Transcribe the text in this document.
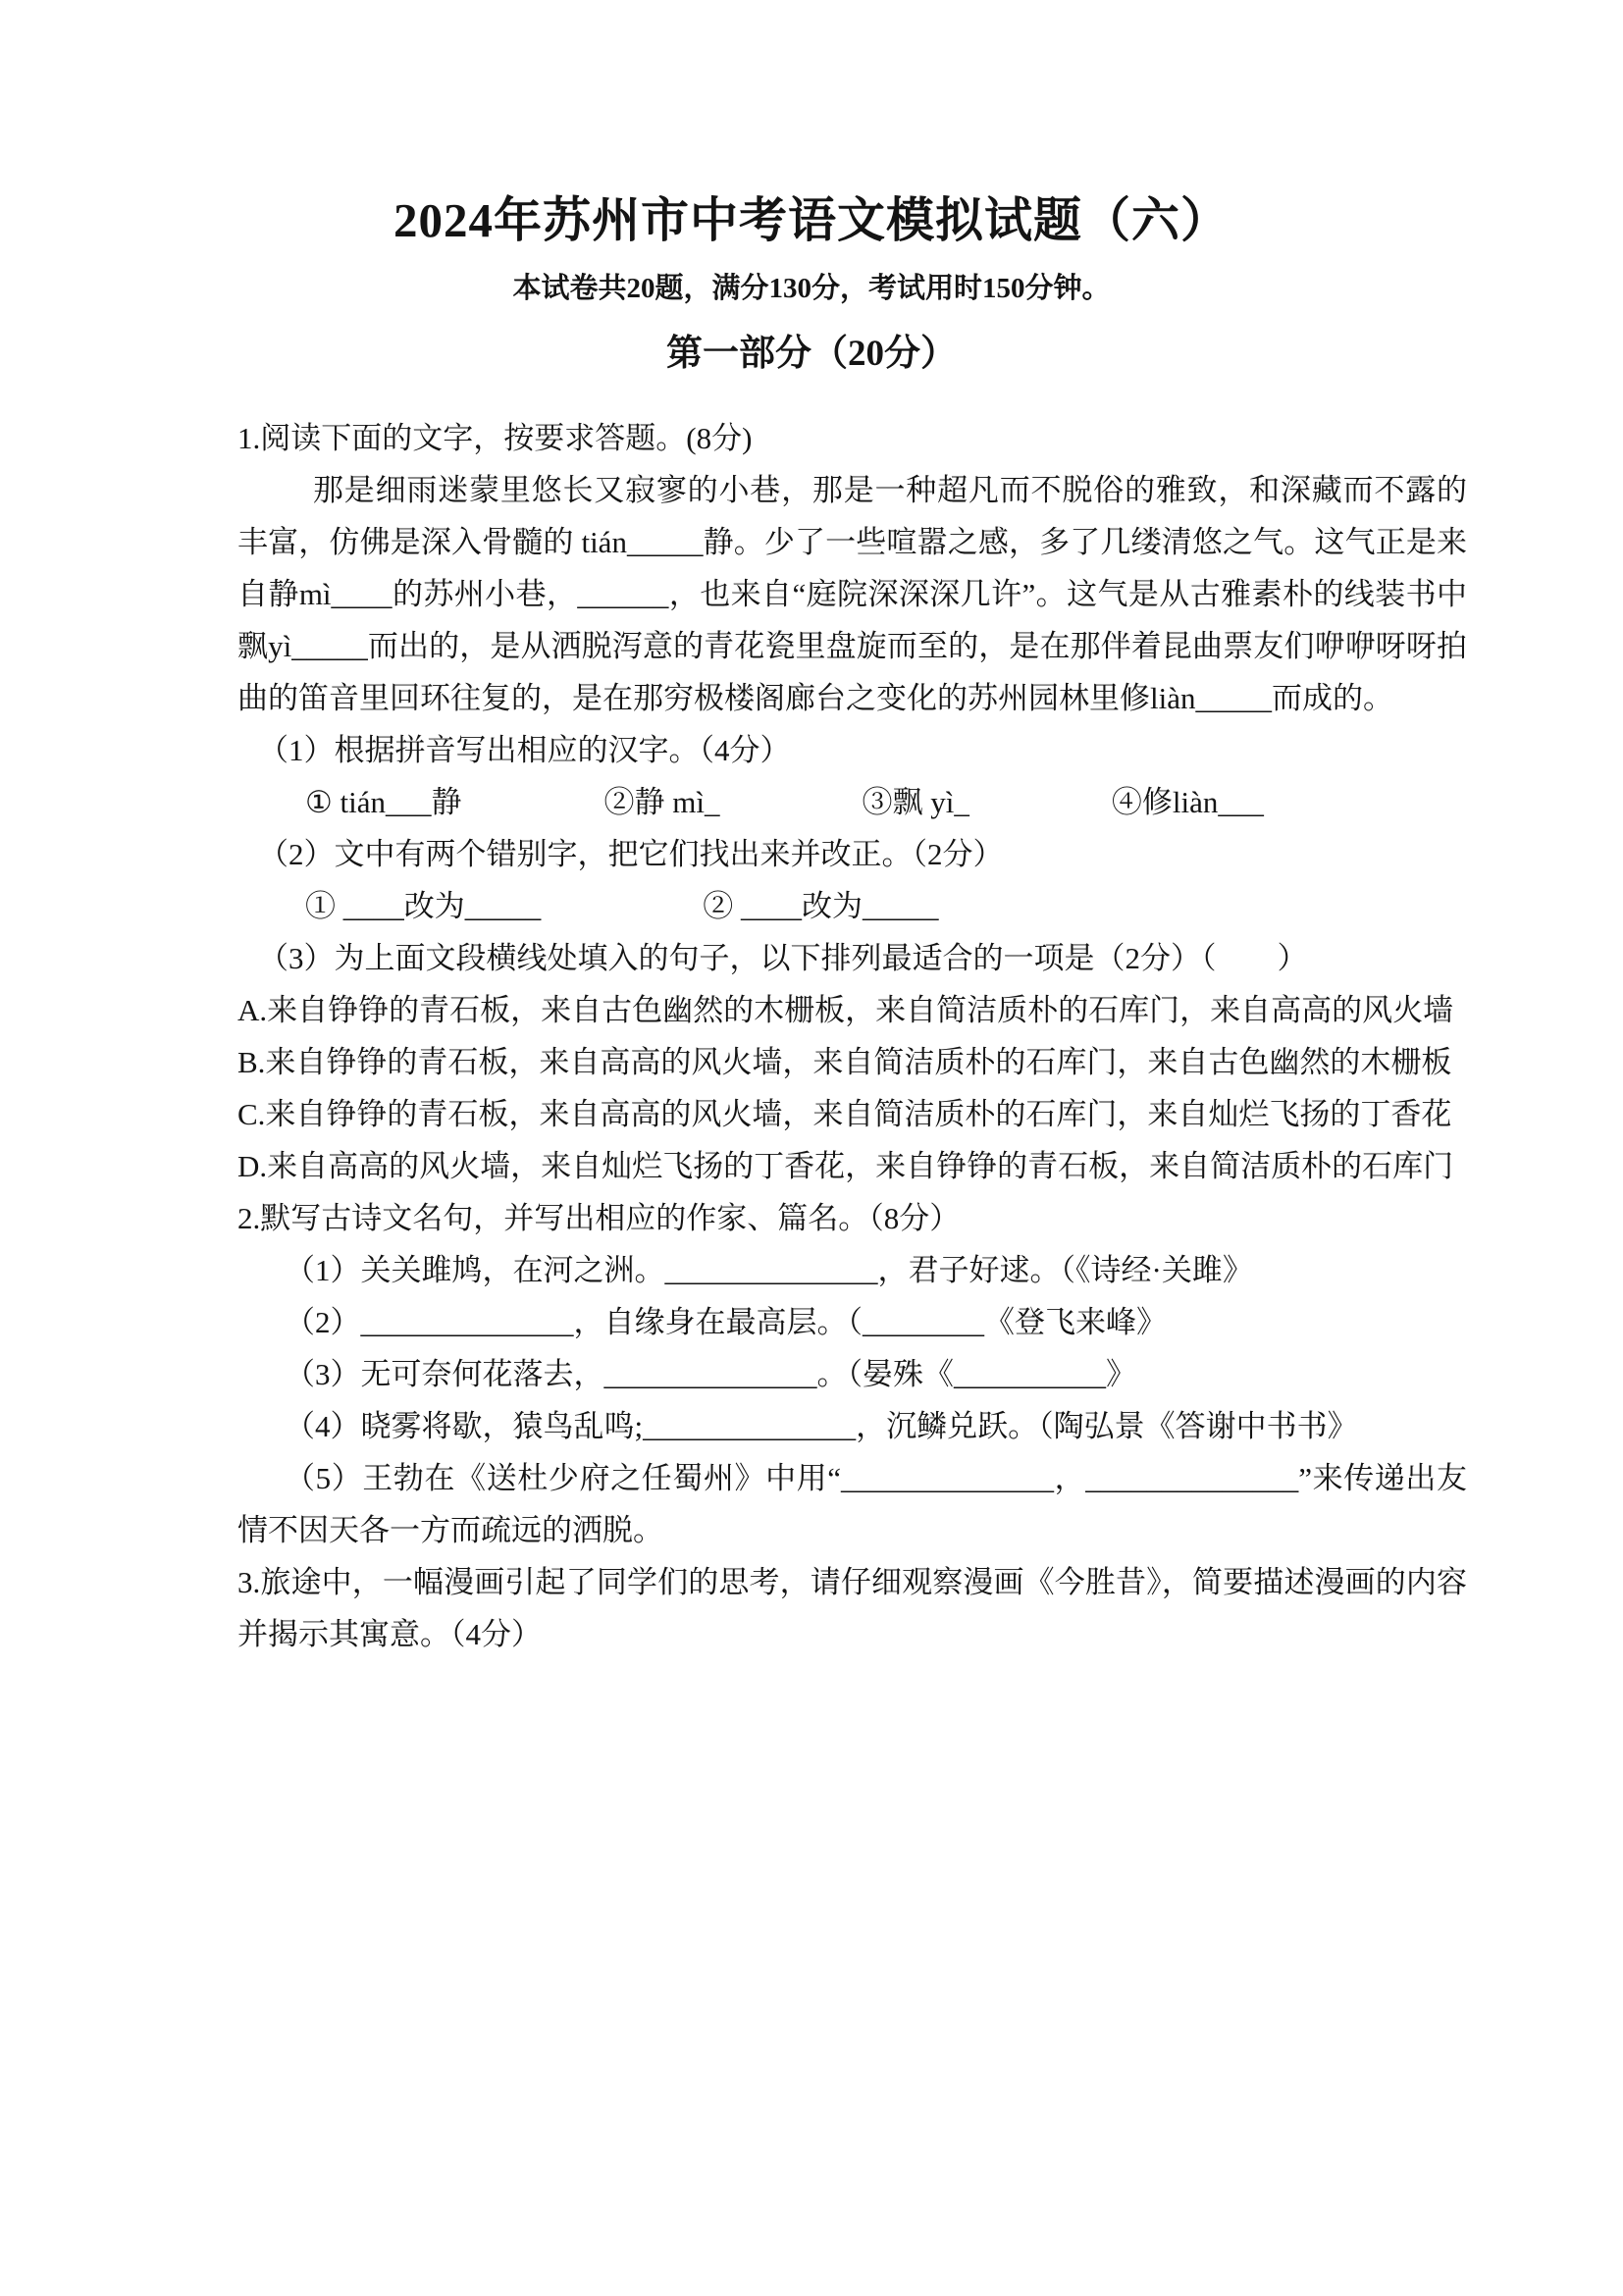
2024年苏州市中考语文模拟试题（六）
本试卷共20题，满分130分，考试用时150分钟。
第一部分（20分）
1.阅读下面的文字，按要求答题。(8分)
那是细雨迷蒙里悠长又寂寥的小巷，那是一种超凡而不脱俗的雅致，和深藏而不露的丰富，仿佛是深入骨髓的 tián_____静。少了一些喧嚣之感，多了几缕清悠之气。这气正是来自静mì____的苏州小巷，______，也来自“庭院深深深几许”。这气是从古雅素朴的线装书中飘yì_____而出的，是从洒脱泻意的青花瓷里盘旋而至的，是在那伴着昆曲票友们咿咿呀呀拍曲的笛音里回环往复的，是在那穷极楼阁廊台之变化的苏州园林里修liàn_____而成的。
（1）根据拼音写出相应的汉字。（4分）
① tián___静	②静 mì_	③飘 yì_	④修liàn___
（2）文中有两个错别字，把它们找出来并改正。（2分）
① ____改为_____	② ____改为_____
（3）为上面文段横线处填入的句子，以下排列最适合的一项是（2分）（　　）
A.来自铮铮的青石板，来自古色幽然的木栅板，来自简洁质朴的石库门，来自高高的风火墙
B.来自铮铮的青石板，来自高高的风火墙，来自简洁质朴的石库门，来自古色幽然的木栅板
C.来自铮铮的青石板，来自高高的风火墙，来自简洁质朴的石库门，来自灿烂飞扬的丁香花
D.来自高高的风火墙，来自灿烂飞扬的丁香花，来自铮铮的青石板，来自简洁质朴的石库门
2.默写古诗文名句，并写出相应的作家、篇名。（8分）
（1）关关雎鸠，在河之洲。______________，君子好逑。（《诗经·关雎》
（2）______________，自缘身在最高层。（________《登飞来峰》
（3）无可奈何花落去，______________。（晏殊《__________》
（4）晓雾将歇，猿鸟乱鸣;______________，沉鳞兑跃。（陶弘景《答谢中书书》
（5）王勃在《送杜少府之任蜀州》中用“______________，______________”来传递出友情不因天各一方而疏远的洒脱。
3.旅途中，一幅漫画引起了同学们的思考，请仔细观察漫画《今胜昔》，简要描述漫画的内容并揭示其寓意。（4分）
